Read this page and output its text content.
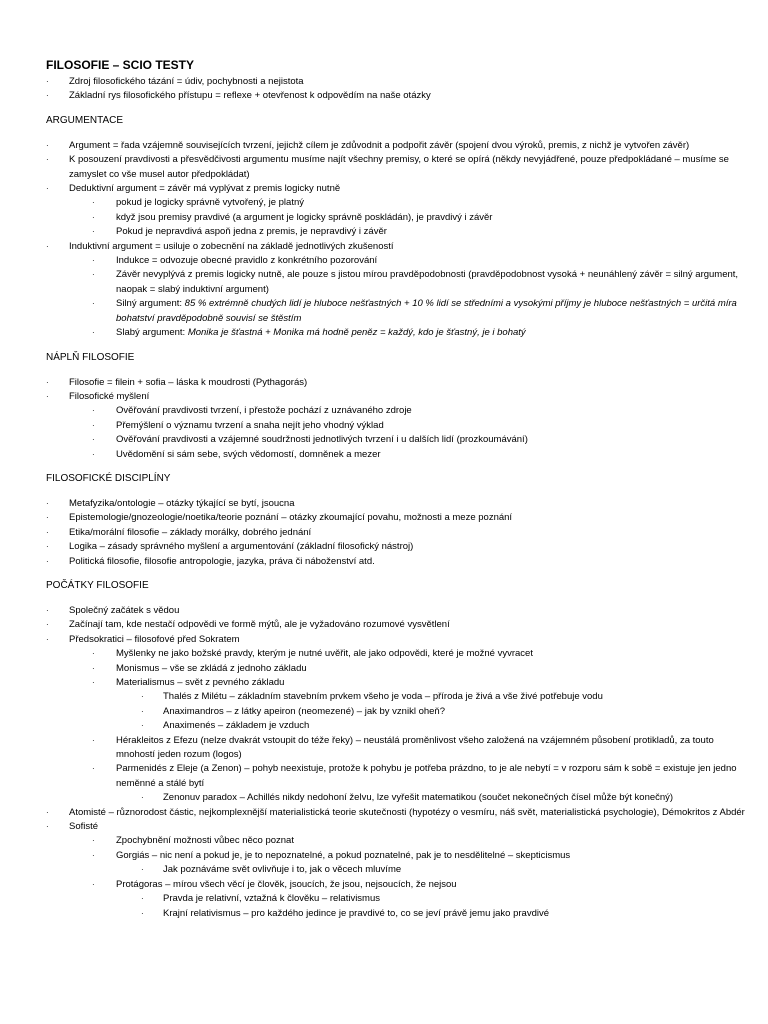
FILOSOFIE – SCIO TESTY
· Zdroj filosofického tázání = údiv, pochybnosti a nejistota
· Základní rys filosofického přístupu = reflexe + otevřenost k odpovědím na naše otázky
ARGUMENTACE
· Argument = řada vzájemně souvisejících tvrzení, jejichž cílem je zdůvodnit a podpořit závěr (spojení dvou výroků, premis, z nichž je vytvořen závěr)
· K posouzení pravdivosti a přesvědčivosti argumentu musíme najít všechny premisy, o které se opírá (někdy nevyjádřené, pouze předpokládané – musíme se zamyslet co vše musel autor předpokládat)
· Deduktivní argument = závěr má vyplývat z premis logicky nutně
· pokud je logicky správně vytvořený, je platný
· když jsou premisy pravdivé (a argument je logicky správně poskládán), je pravdivý i závěr
· Pokud je nepravdivá aspoň jedna z premis, je nepravdivý i závěr
· Induktivní argument = usiluje o zobecnění na základě jednotlivých zkušeností
· Indukce = odvozuje obecné pravidlo z konkrétního pozorování
· Závěr nevyplývá z premis logicky nutně, ale pouze s jistou mírou pravděpodobnosti (pravděpodobnost vysoká + neunáhlený závěr = silný argument, naopak = slabý induktivní argument)
· Silný argument: 85 % extrémně chudých lidí je hluboce nešťastných + 10 % lidí se středními a vysokými příjmy je hluboce nešťastných = určitá míra bohatství pravděpodobně souvisí se štěstím
· Slabý argument: Monika je šťastná + Monika má hodně peněz = každý, kdo je šťastný, je i bohatý
NÁPLŇ FILOSOFIE
· Filosofie = filein + sofia – láska k moudrosti (Pythagorás)
· Filosofické myšlení
· Ověřování pravdivosti tvrzení, i přestože pochází z uznávaného zdroje
· Přemýšlení o významu tvrzení a snaha nejít jeho vhodný výklad
· Ověřování pravdivosti a vzájemné soudržnosti jednotlivých tvrzení i u dalších lidí (prozkoumávání)
· Uvědomění si sám sebe, svých vědomostí, domněnek a mezer
FILOSOFICKÉ DISCIPLÍNY
· Metafyzika/ontologie – otázky týkající se bytí, jsoucna
· Epistemologie/gnozeologie/noetika/teorie poznání – otázky zkoumající povahu, možnosti a meze poznání
· Etika/morální filosofie – základy morálky, dobrého jednání
· Logika – zásady správného myšlení a argumentování (základní filosofický nástroj)
· Politická filosofie, filosofie antropologie, jazyka, práva či náboženství atd.
POČÁTKY FILOSOFIE
· Společný začátek s vědou
· Začínají tam, kde nestačí odpovědi ve formě mýtů, ale je vyžadováno rozumové vysvětlení
· Předsokratici – filosofové před Sokratem
· Myšlenky ne jako božské pravdy, kterým je nutné uvěřit, ale jako odpovědi, které je možné vyvracet
· Monismus – vše se zkládá z jednoho základu
· Materialismus – svět z pevného základu
· Thalés z Milétu – základním stavebním prvkem všeho je voda – příroda je živá a vše živé potřebuje vodu
· Anaximandros – z látky apeiron (neomezené) – jak by vznikl oheň?
· Anaximenés – základem je vzduch
· Hérakleitos z Efezu (nelze dvakrát vstoupit do téže řeky) – neustálá proměnlivost všeho založená na vzájemném působení protikladů, za touto mnohostí jeden rozum (logos)
· Parmenidés z Eleje (a Zenon) – pohyb neexistuje, protože k pohybu je potřeba prázdno, to je ale nebytí = v rozporu sám k sobě = existuje jen jedno neměnné a stálé bytí
· Zenonuv paradox – Achillés nikdy nedohoní želvu, lze vyřešit matematikou (součet nekonečných čísel může být konečný)
· Atomisté – různorodost částic, nejkomplexnější materialistická teorie skutečnosti (hypotézy o vesmíru, náš svět, materialistická psychologie), Démokritos z Abdér
· Sofisté
· Zpochybnění možnosti vůbec něco poznat
· Gorgiás – nic není a pokud je, je to nepoznatelné, a pokud poznatelné, pak je to nesdělitelné – skepticismus
· Jak poznáváme svět ovlivňuje i to, jak o věcech mluvíme
· Protágoras – mírou všech věcí je člověk, jsoucích, že jsou, nejsoucích, že nejsou
· Pravda je relativní, vztažná k člověku – relativismus
· Krajní relativismus – pro každého jedince je pravdivé to, co se jeví právě jemu jako pravdivé
